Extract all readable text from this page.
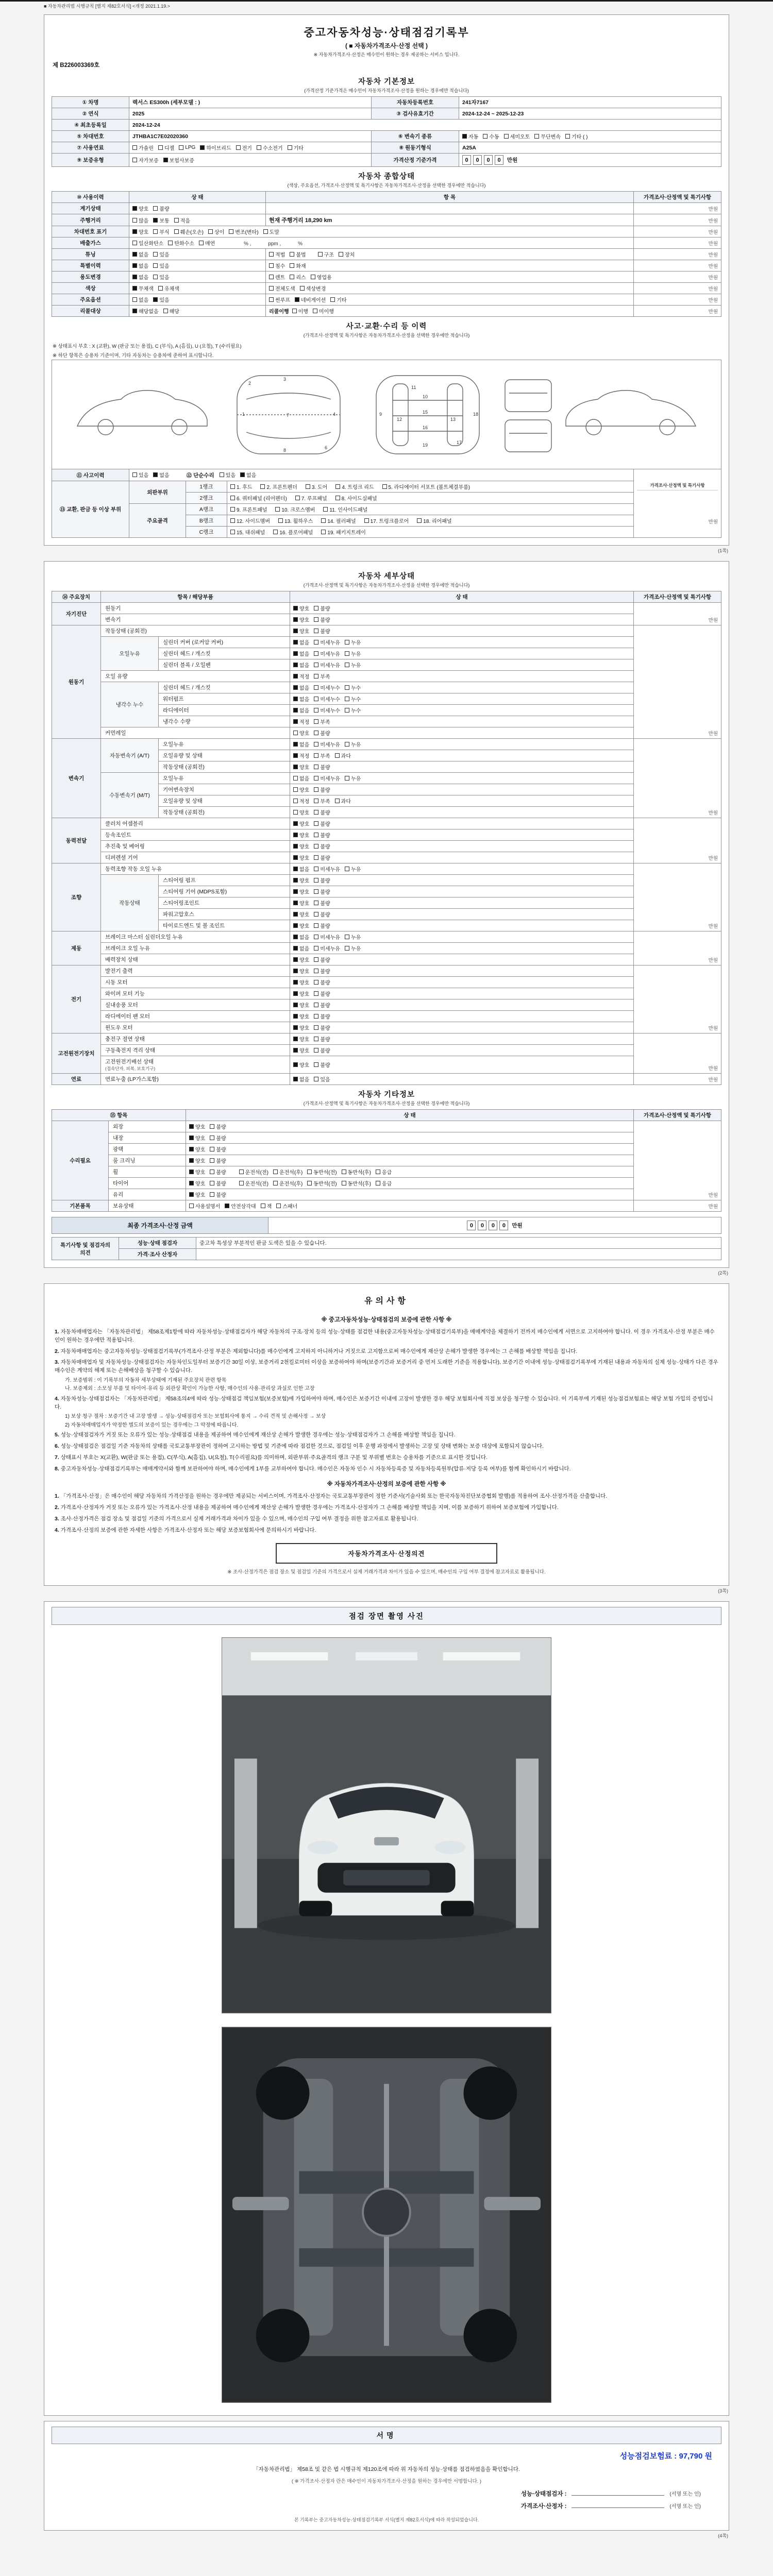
■ 자동차관리법 시행규칙 [별지 제82호서식] <개정 2021.1.19.>
중고자동차성능·상태점검기록부
( ■ 자동차가격조사·산정 선택 )
※ 자동차가격조사·산정은 매수인이 원하는 경우 제공하는 서비스 입니다.
제 B226003369호
자동차 기본정보
(가격산정 기준가격은 매수인이 자동차가격조사·산정을 원하는 경우에만 적습니다)
① 차명	렉서스 ES300h (세부모델 : )	자동차등록번호	241자7167
② 연식	2025	③ 검사유효기간	2024-12-24 ~ 2025-12-23
④ 최초등록일	2024-12-24		
⑤ 차대번호	JTHBA1C7E02020360	⑥ 변속기 종류	자동 수동 세미오토 무단변속 기타 ( )

⑦ 사용연료	가솔린 디젤 LPG 하이브리드 전기 수소전기 기타	⑧ 원동기형식	A25A
⑨ 보증유형	자가보증 보험사보증	가격산정 기준가격	0 0 0 0 만원
자동차 종합상태
(색상, 주요옵션, 가격조사·산정액 및 특기사항은 자동차가격조사·산정을 선택한 경우에만 적습니다)
⑩ 사용이력	상 태	항 목	가격조사·산정액 및 특기사항
계기상태	양호 불량		만원
주행거리	많음 보통 적음	현재 주행거리 18,290 km	만원
차대번호 표기	양호 부식 훼손(오손) 상이 변조(변타) 도말	만원
배출가스	일산화탄소 탄화수소 매연 　　　 % ,　　　 ppm ,　　　 %		만원
튜닝	없음 있음	적법 불법 구조 장치	만원
특별이력	없음 있음	침수 화재	만원
용도변경	없음 있음	렌트 리스 영업용	만원
색상	무채색 유채색	전체도색 색상변경	만원
주요옵션	없음 있음	썬루프 네비게이션 기타	만원
리콜대상	해당없음 해당	리콜이행 이행 미이행	만원
사고·교환·수리 등 이력
(가격조사·산정액 및 특기사항은 자동차가격조사·산정을 선택한 경우에만 적습니다)
※ 상태표시 부호 : X (교환), W (판금 또는 용접), C (부식), A (흠집), U (요철), T (수리필요)
※ 하단 항목은 승용차 기준이며, 기타 자동차는 승용차에 준하여 표시합니다.
1
2
3
4
6
7
8
9
10
11
12	13
15
16
17
18
19
⑪ 사고이력	있음 없음	⑫ 단순수리 있음 없음

가격조사·산정액 및 특기사항
만원

⑬ 교환, 판금 등 이상 부위	외판부위	1랭크	1. 후드 2. 프론트펜더 3. 도어 4. 트렁크 리드 5. 라디에이터 서포트 (볼트체결부품)	

		2랭크	6. 쿼터패널 (리어펜더) 7. 루프패널 8. 사이드실패널	

	주요골격	A랭크	9. 프론트패널 10. 크로스멤버 11. 인사이드패널	

		B랭크	12. 사이드멤버 13. 휠하우스 14. 필러패널 17. 트렁크플로어 18. 리어패널	

		C랭크	15. 대쉬패널 16. 플로어패널 19. 패키지트레이	
(1쪽)
자동차 세부상태
(가격조사·산정액 및 특기사항은 자동차가격조사·산정을 선택한 경우에만 적습니다)
⑭ 주요장치	항목 / 해당부품		상 태	가격조사·산정액 및 특기사항
자기진단	원동기		양호 불량	만원
	변속기		양호 불량	

원동기	작동상태 (공회전)		양호 불량	만원
	오일누유	실린더 커버 (로커암 커버)	없음 미세누유 누유	

		실린더 헤드 / 개스킷	없음 미세누유 누유	

		실린더 블록 / 오일팬	없음 미세누유 누유	

	오일 유량		적정 부족	

	냉각수 누수	실린더 헤드 / 개스킷	없음 미세누수 누수	

		워터펌프	없음 미세누수 누수	

		라디에이터	없음 미세누수 누수	

		냉각수 수량	적정 부족	

	커먼레일		양호 불량	

변속기	자동변속기 (A/T)	오일누유	없음 미세누유 누유	만원
		오일유량 및 상태	적정 부족 과다	

		작동상태 (공회전)	양호 불량	

	수동변속기 (M/T)	오일누유	없음 미세누유 누유	

		기어변속장치	양호 불량	

		오일유량 및 상태	적정 부족 과다	

		작동상태 (공회전)	양호 불량	

동력전달	클러치 어셈블리		양호 불량	만원
	등속조인트		양호 불량	

	추진축 및 베어링		양호 불량	

	디퍼렌셜 기어		양호 불량	

조향	동력조향 작동 오일 누유		없음 미세누유 누유	만원
	작동상태	스티어링 펌프	양호 불량	

		스티어링 기어 (MDPS포함)	양호 불량	

		스티어링조인트	양호 불량	

		파워고압호스	양호 불량	

		타이로드엔드 및 볼 조인트	양호 불량	

제동	브레이크 마스터 실린더오일 누유		없음 미세누유 누유	만원
	브레이크 오일 누유		없음 미세누유 누유	

	배력장치 상태		양호 불량	

전기	발전기 출력		양호 불량	만원
	시동 모터		양호 불량	

	와이퍼 모터 기능		양호 불량	

	실내송풍 모터		양호 불량	

	라디에이터 팬 모터		양호 불량	

	윈도우 모터		양호 불량	

고전원전기장치	충전구 절연 상태		양호 불량	만원
	구동축전지 격리 상태		양호 불량	

	고전원전기배선 상태
(접속단자, 피복, 보호기구)		양호 불량	

연료	연료누출 (LP가스포함)		없음 있음	만원
자동차 기타정보
(가격조사·산정액 및 특기사항은 자동차가격조사·산정을 선택한 경우에만 적습니다)
⑮ 항목		상 태	가격조사·산정액 및 특기사항
수리필요	외장	양호 불량	만원
	내장	양호 불량	

	광택	양호 불량	

	룸 크리닝	양호 불량	

휠	양호 불량	운전석(전) 운전석(후) 동반석(전) 동반석(후) 응급

타이어	양호 불량	운전석(전) 운전석(후) 동반석(전) 동반석(후) 응급

	유리	양호 불량	

기본품목	보유상태	사용설명서 안전삼각대 잭 스패너	만원
최종 가격조사·산정 금액	0 0 0 0 만원
특기사항 및 점검자의 의견	성능·상태 점검자	중고차 특성상 부분적인 판금 도색은 있을 수 있습니다.
	가격·조사 산정자	
(2쪽)
유의사항
※ 중고자동차성능·상태점검의 보증에 관한 사항 ※
1. 자동차매매업자는 「자동차관리법」 제58조제1항에 따라 자동차성능·상태점검자가 해당 자동차의 구조·장치 등의 성능·상태를 점검한 내용(중고자동차성능·상태점검기록부)을 매매계약을 체결하기 전까지 매수인에게 서면으로 고지하여야 합니다. 이 경우 가격조사·산정 부분은 매수인이 원하는 경우에만 적용됩니다.
2. 자동차매매업자는 중고자동차성능·상태점검기록부(가격조사·산정 부분은 제외합니다)를 매수인에게 고지하지 아니하거나 거짓으로 고지함으로써 매수인에게 재산상 손해가 발생한 경우에는 그 손해를 배상할 책임을 집니다.
3. 자동차매매업자 및 자동차성능·상태점검자는 자동차인도일부터 보증기간 30일 이상, 보증거리 2천킬로미터 이상을 보증하여야 하며(보증기간과 보증거리 중 먼저 도래한 기준을 적용합니다), 보증기간 이내에 성능·상태점검기록부에 기재된 내용과 자동차의 실제 성능·상태가 다른 경우 매수인은 계약의 해제 또는 손해배상을 청구할 수 있습니다.
가. 보증범위 : 이 기록부의 자동차 세부상태에 기재된 주요장치 관련 항목
나. 보증제외 : 소모성 부품 및 타이어·유리 등 외관상 확인이 가능한 사항, 매수인의 사용·관리상 과실로 인한 고장
4. 자동차성능·상태점검자는 「자동차관리법」 제58조의4에 따라 성능·상태점검 책임보험(보증보험)에 가입하여야 하며, 매수인은 보증기간 이내에 고장이 발생한 경우 해당 보험회사에 직접 보상을 청구할 수 있습니다. 이 기록부에 기재된 성능점검보험료는 해당 보험 가입의 증빙입니다.
1) 보상 청구 절차 : 보증기간 내 고장 발생 → 성능·상태점검자 또는 보험회사에 통지 → 수리 견적 및 손해사정 → 보상
2) 자동차매매업자가 약정한 별도의 보증이 있는 경우에는 그 약정에 따릅니다.
5. 성능·상태점검자가 거짓 또는 오류가 있는 성능·상태점검 내용을 제공하여 매수인에게 재산상 손해가 발생한 경우에는 성능·상태점검자가 그 손해를 배상할 책임을 집니다.
6. 성능·상태점검은 점검일 기준 자동차의 상태를 국토교통부장관이 정하여 고시하는 방법 및 기준에 따라 점검한 것으로, 점검일 이후 운행 과정에서 발생하는 고장 및 상태 변화는 보증 대상에 포함되지 않습니다.
7. 상태표시 부호는 X(교환), W(판금 또는 용접), C(부식), A(흠집), U(요철), T(수리필요)를 의미하며, 외판부위·주요골격의 랭크 구분 및 부위별 번호는 승용차를 기준으로 표시한 것입니다.
8. 중고자동차성능·상태점검기록부는 매매계약서와 함께 보관하여야 하며, 매수인에게 1부를 교부하여야 합니다. 매수인은 자동차 인수 시 자동차등록증 및 자동차등록원부(압류·저당 등록 여부)를 함께 확인하시기 바랍니다.
※ 자동차가격조사·산정의 보증에 관한 사항 ※
1. 「가격조사·산정」은 매수인이 해당 자동차의 가격산정을 원하는 경우에만 제공되는 서비스이며, 가격조사·산정자는 국토교통부장관이 정한 기준서(기술사회 또는 한국자동차진단보증협회 발행)를 적용하여 조사·산정가격을 산출합니다.
2. 가격조사·산정자가 거짓 또는 오류가 있는 가격조사·산정 내용을 제공하여 매수인에게 재산상 손해가 발생한 경우에는 가격조사·산정자가 그 손해를 배상할 책임을 지며, 이를 보증하기 위하여 보증보험에 가입합니다.
3. 조사·산정가격은 점검 장소 및 점검일 기준의 가격으로서 실제 거래가격과 차이가 있을 수 있으며, 매수인의 구입 여부 결정을 위한 참고자료로 활용됩니다.
4. 가격조사·산정의 보증에 관한 자세한 사항은 가격조사·산정자 또는 해당 보증보험회사에 문의하시기 바랍니다.
자동차가격조사·산정의견
※ 조사·산정가격은 점검 장소 및 점검일 기준의 가격으로서 실제 거래가격과 차이가 있을 수 있으며, 매수인의 구입 여부 결정에 참고자료로 활용됩니다.
(3쪽)
점검 장면 촬영 사진
서명
성능점검보험료 : 97,790 원
「자동차관리법」 제58조 및 같은 법 시행규칙 제120조에 따라 위 자동차의 성능·상태를 점검하였음을 확인합니다.
( ※ 가격조사·산정자 란은 매수인이 자동차가격조사·산정을 원하는 경우에만 서명합니다. )
성능·상태점검자 :	(서명 또는 인)
가격조사·산정자 :	(서명 또는 인)
본 기록부는 중고자동차성능·상태점검기록부 서식(별지 제82호서식)에 따라 작성되었습니다.
(4쪽)
